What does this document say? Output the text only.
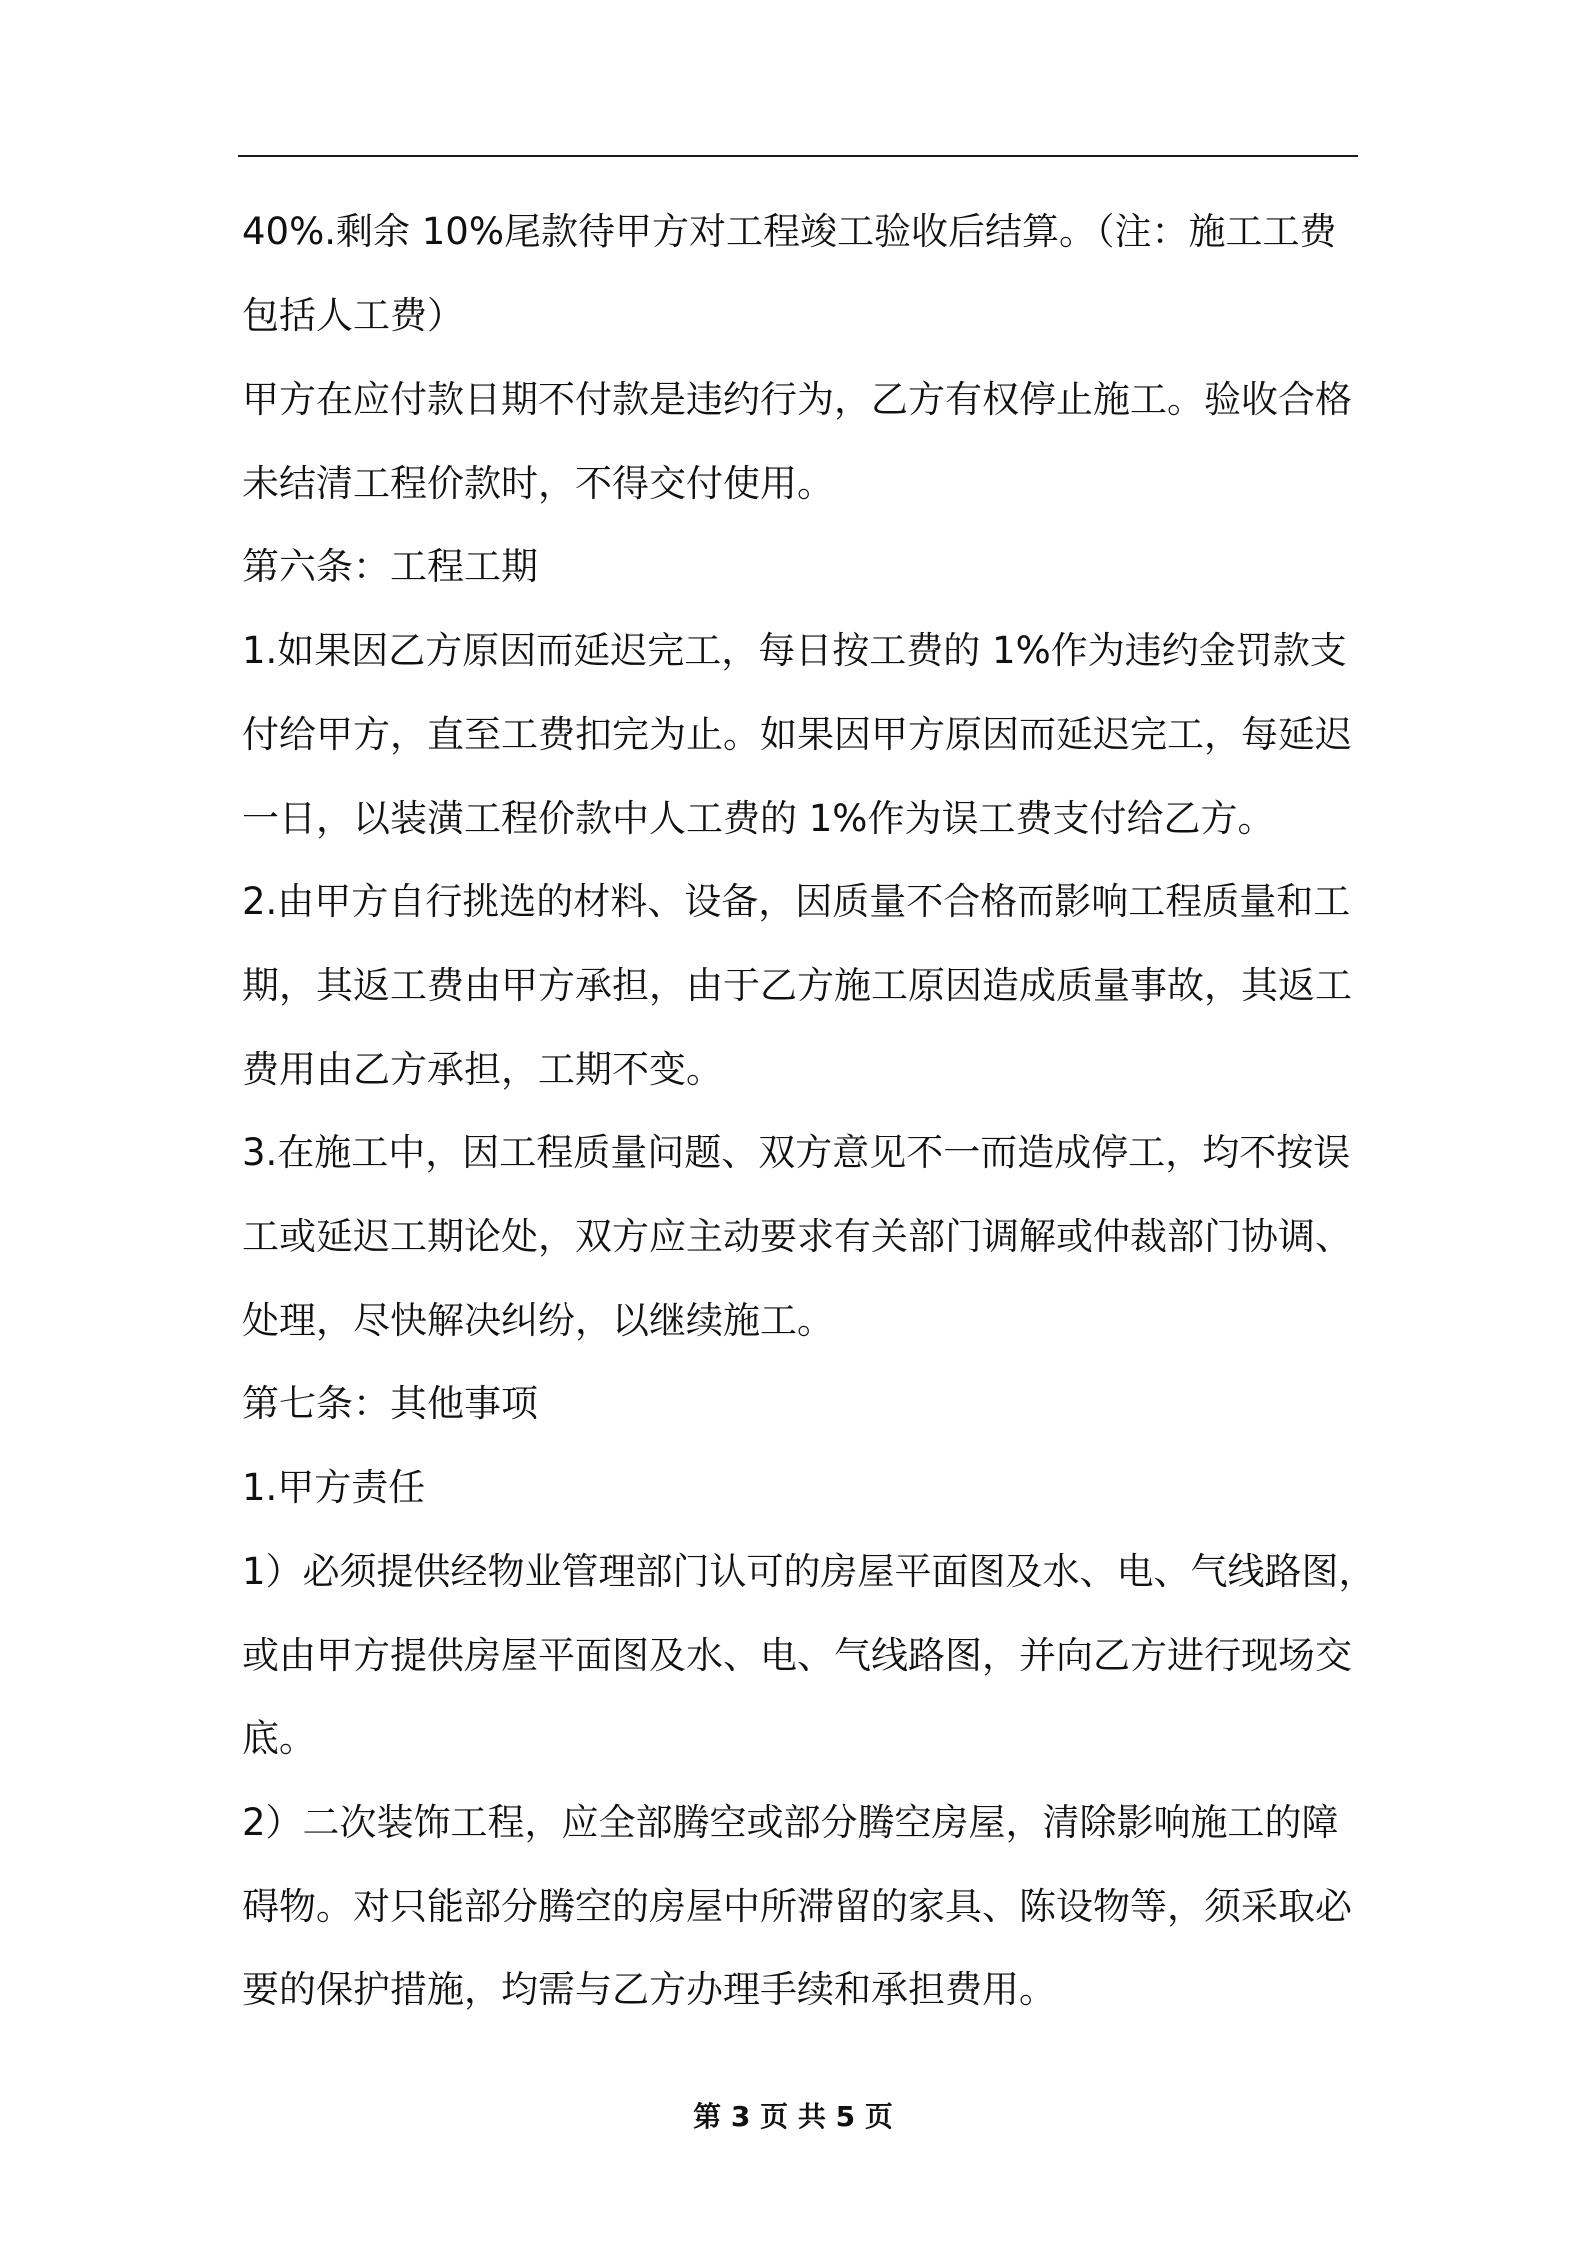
40%.剩余 10%尾款待甲方对工程竣工验收后结算。（注：施工工费
包括人工费）
甲方在应付款日期不付款是违约行为，乙方有权停止施工。验收合格
未结清工程价款时，不得交付使用。
第六条：工程工期
1.如果因乙方原因而延迟完工，每日按工费的 1%作为违约金罚款支
付给甲方，直至工费扣完为止。如果因甲方原因而延迟完工，每延迟
一日，以装潢工程价款中人工费的 1%作为误工费支付给乙方。
2.由甲方自行挑选的材料、设备，因质量不合格而影响工程质量和工
期，其返工费由甲方承担，由于乙方施工原因造成质量事故，其返工
费用由乙方承担，工期不变。
3.在施工中，因工程质量问题、双方意见不一而造成停工，均不按误
工或延迟工期论处，双方应主动要求有关部门调解或仲裁部门协调、
处理，尽快解决纠纷，以继续施工。
第七条：其他事项
1.甲方责任
1）必须提供经物业管理部门认可的房屋平面图及水、电、气线路图，
或由甲方提供房屋平面图及水、电、气线路图，并向乙方进行现场交
底。
2）二次装饰工程，应全部腾空或部分腾空房屋，清除影响施工的障
碍物。对只能部分腾空的房屋中所滞留的家具、陈设物等，须采取必
要的保护措施，均需与乙方办理手续和承担费用。
第 3 页 共 5 页
